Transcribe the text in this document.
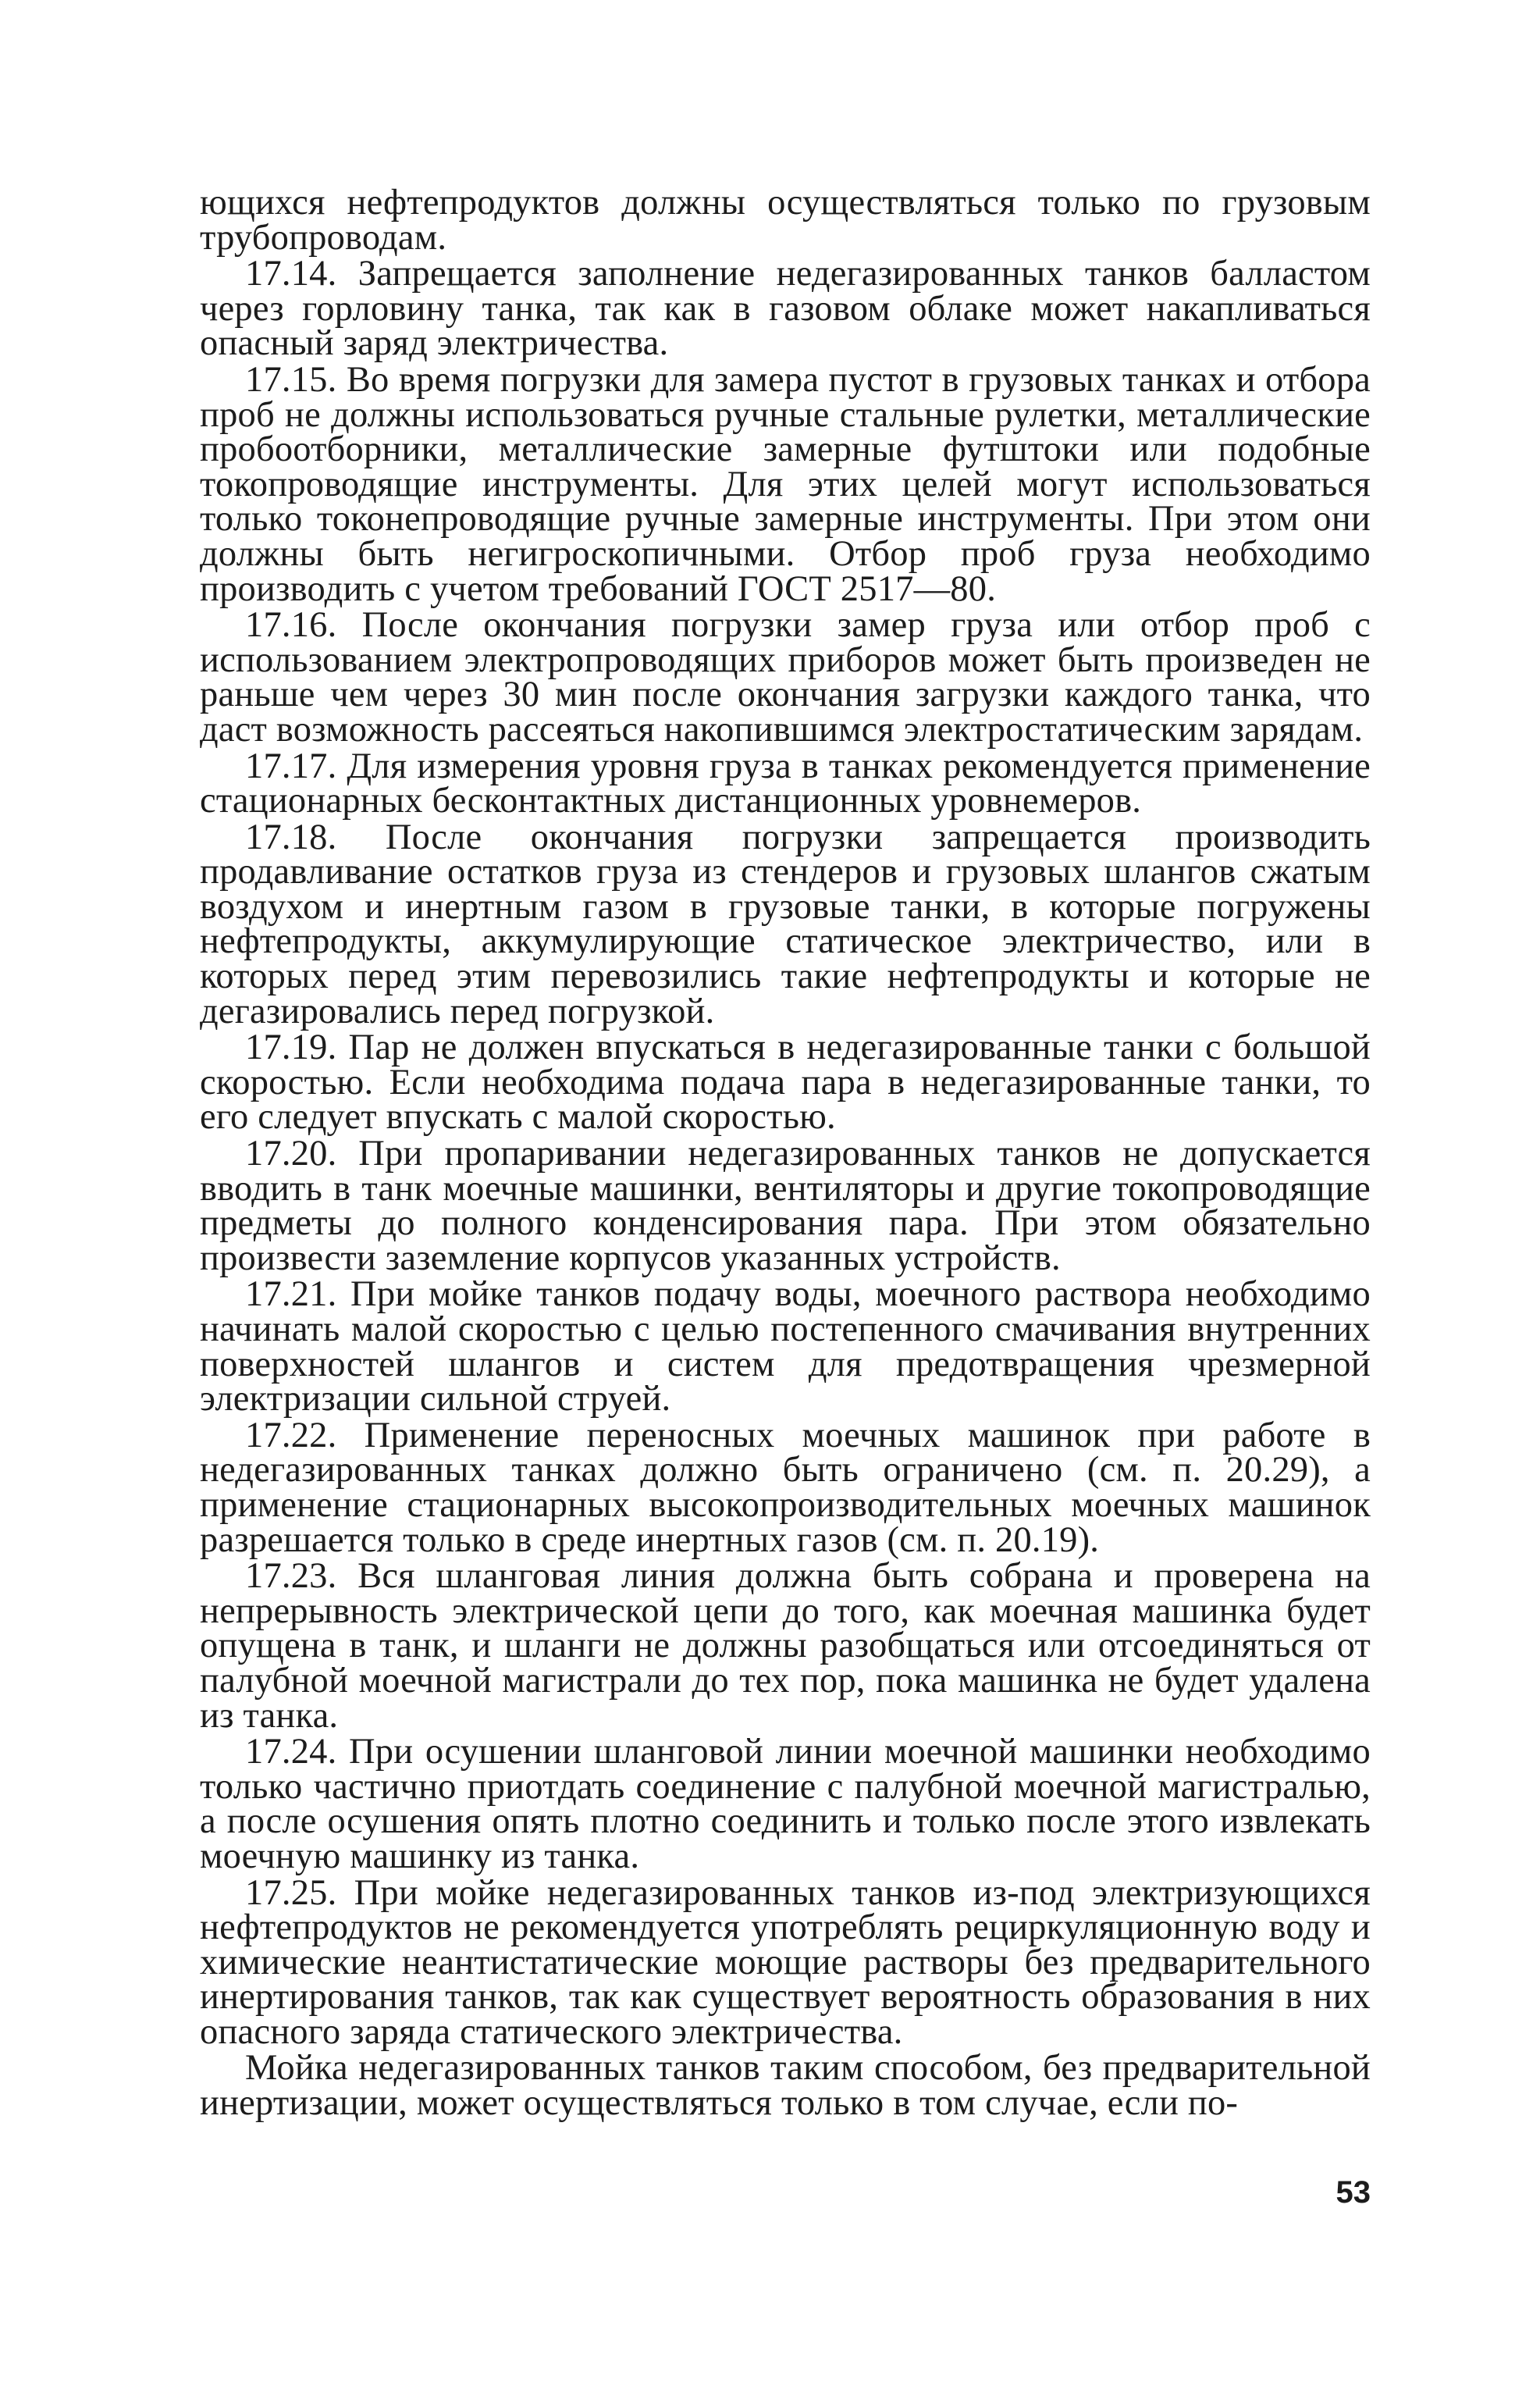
ющихся нефтепродуктов должны осуществляться только по грузовым трубопроводам.

17.14. Запрещается заполнение недегазированных танков балластом через горловину танка, так как в газовом облаке может накапливаться опасный заряд электричества.

17.15. Во время погрузки для замера пустот в грузовых танках и отбора проб не должны использоваться ручные стальные рулетки, металлические пробоотборники, металлические замерные футштоки или подобные токопроводящие инструменты. Для этих целей могут использоваться только токонепроводящие ручные замерные инструменты. При этом они должны быть негигроскопичными. Отбор проб груза необходимо производить с учетом требований ГОСТ 2517—80.

17.16. После окончания погрузки замер груза или отбор проб с использованием электропроводящих приборов может быть произведен не раньше чем через 30 мин после окончания загрузки каждого танка, что даст возможность рассеяться накопившимся электростатическим зарядам.

17.17. Для измерения уровня груза в танках рекомендуется применение стационарных бесконтактных дистанционных уровнемеров.

17.18. После окончания погрузки запрещается производить продавливание остатков груза из стендеров и грузовых шлангов сжатым воздухом и инертным газом в грузовые танки, в которые погружены нефтепродукты, аккумулирующие статическое электричество, или в которых перед этим перевозились такие нефтепродукты и которые не дегазировались перед погрузкой.

17.19. Пар не должен впускаться в недегазированные танки с большой скоростью. Если необходима подача пара в недегазированные танки, то его следует впускать с малой скоростью.

17.20. При пропаривании недегазированных танков не допускается вводить в танк моечные машинки, вентиляторы и другие токопроводящие предметы до полного конденсирования пара. При этом обязательно произвести заземление корпусов указанных устройств.

17.21. При мойке танков подачу воды, моечного раствора необходимо начинать малой скоростью с целью постепенного смачивания внутренних поверхностей шлангов и систем для предотвращения чрезмерной электризации сильной струей.

17.22. Применение переносных моечных машинок при работе в недегазированных танках должно быть ограничено (см. п. 20.29), а применение стационарных высокопроизводительных моечных машинок разрешается только в среде инертных газов (см. п. 20.19).

17.23. Вся шланговая линия должна быть собрана и проверена на непрерывность электрической цепи до того, как моечная машинка будет опущена в танк, и шланги не должны разобщаться или отсоединяться от палубной моечной магистрали до тех пор, пока машинка не будет удалена из танка.

17.24. При осушении шланговой линии моечной машинки необходимо только частично приотдать соединение с палубной моечной магистралью, а после осушения опять плотно соединить и только после этого извлекать моечную машинку из танка.

17.25. При мойке недегазированных танков из-под электризующихся нефтепродуктов не рекомендуется употреблять рециркуляционную воду и химические неантистатические моющие растворы без предварительного инертирования танков, так как существует вероятность образования в них опасного заряда статического электричества.

Мойка недегазированных танков таким способом, без предварительной инертизации, может осуществляться только в том случае, если по-

53
